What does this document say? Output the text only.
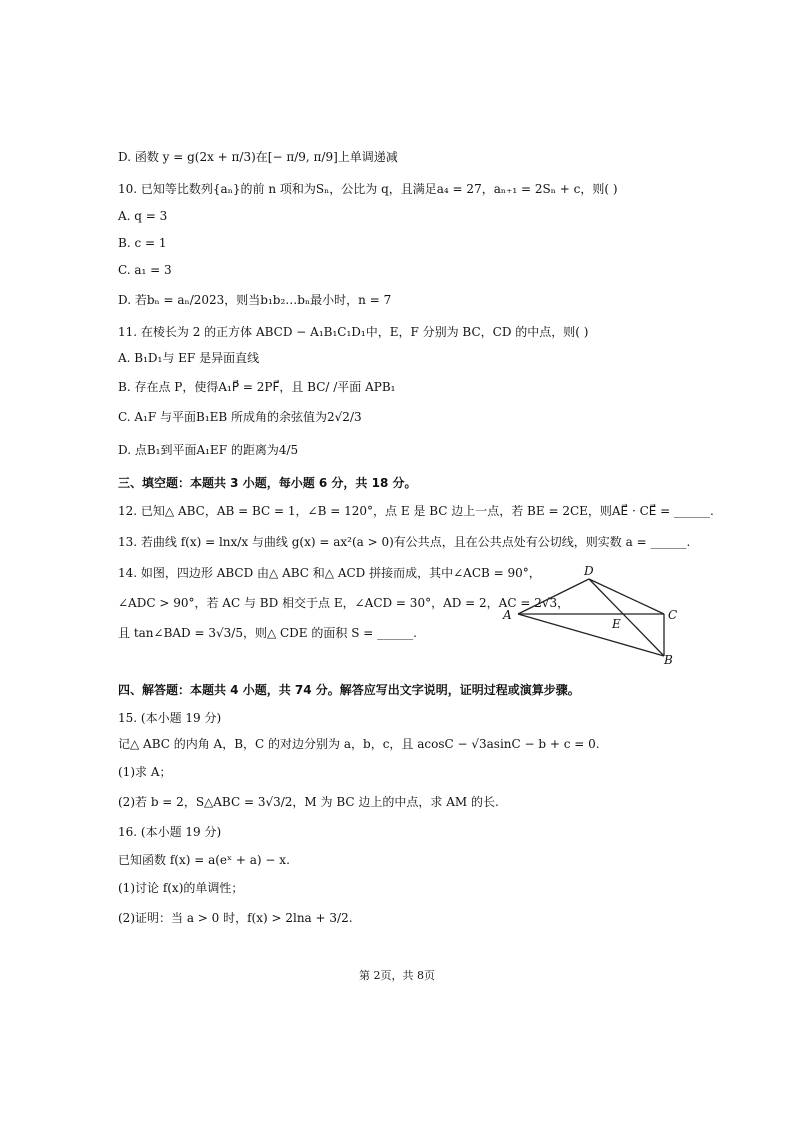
D. 函数 y = g(2x + π/3)在[− π/9, π/9]上单调递减
10. 已知等比数列{aₙ}的前 n 项和为Sₙ，公比为 q，且满足a₄ = 27，aₙ₊₁ = 2Sₙ + c，则( )
A. q = 3
B. c = 1
C. a₁ = 3
D. 若bₙ = aₙ/2023，则当b₁b₂…bₙ最小时，n = 7
11. 在棱长为 2 的正方体 ABCD − A₁B₁C₁D₁中，E，F 分别为 BC，CD 的中点，则( )
A. B₁D₁与 EF 是异面直线
B. 存在点 P，使得A₁P⃗ = 2PF⃗，且 BC/ /平面 APB₁
C. A₁F 与平面B₁EB 所成角的余弦值为2√2/3
D. 点B₁到平面A₁EF 的距离为4/5
三、填空题：本题共 3 小题，每小题 6 分，共 18 分。
12. 已知△ ABC，AB = BC = 1，∠B = 120°，点 E 是 BC 边上一点，若 BE = 2CE，则AE⃗ · CE⃗ = ______.
13. 若曲线 f(x) = lnx/x 与曲线 g(x) = ax²(a > 0)有公共点，且在公共点处有公切线，则实数 a = ______.
14. 如图，四边形 ABCD 由△ ABC 和△ ACD 拼接而成，其中∠ACB = 90°，
∠ADC > 90°，若 AC 与 BD 相交于点 E，∠ACD = 30°，AD = 2，AC = 2√3，
且 tan∠BAD = 3√3/5，则△ CDE 的面积 S = ______.
D
A
E
C
B
四、解答题：本题共 4 小题，共 74 分。解答应写出文字说明，证明过程或演算步骤。
15. (本小题 19 分)
记△ ABC 的内角 A，B，C 的对边分别为 a，b，c，且 acosC − √3asinC − b + c = 0.
(1)求 A；
(2)若 b = 2，S△ABC = 3√3/2，M 为 BC 边上的中点，求 AM 的长.
16. (本小题 19 分)
已知函数 f(x) = a(eˣ + a) − x.
(1)讨论 f(x)的单调性；
(2)证明：当 a > 0 时，f(x) > 2lna + 3/2.
第 2页，共 8页
